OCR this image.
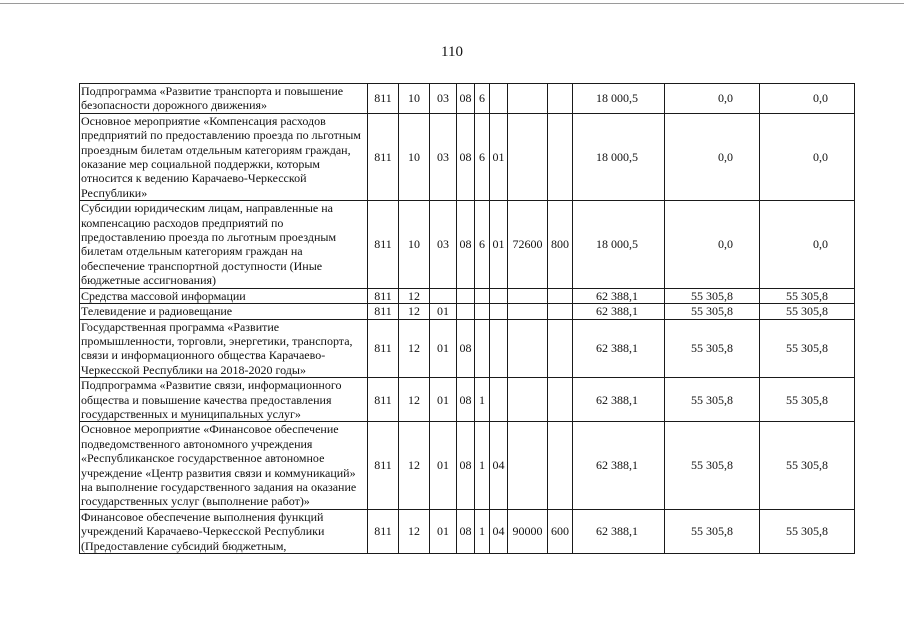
110
Подпрограмма «Развитие транспорта и повышение безопасности дорожного движения»	811	10	03	08	6				18 000,5	0,0	0,0
Основное мероприятие «Компенсация расходов предприятий по предоставлению проезда по льготным проездным билетам отдельным категориям граждан, оказание мер социальной поддержки, которым относится к ведению Карачаево-Черкесской Республики»	811	10	03	08	6	01			18 000,5	0,0	0,0
Субсидии юридическим лицам, направленные на компенсацию расходов предприятий по предоставлению проезда по льготным проездным билетам отдельным категориям граждан на обеспечение транспортной доступности (Иные бюджетные ассигнования)	811	10	03	08	6	01	72600	800	18 000,5	0,0	0,0
Средства массовой информации	811	12							62 388,1	55 305,8	55 305,8
Телевидение и радиовещание	811	12	01						62 388,1	55 305,8	55 305,8
Государственная программа «Развитие промышленности, торговли, энергетики, транспорта, связи и информационного общества Карачаево-Черкесской Республики на 2018-2020 годы»	811	12	01	08					62 388,1	55 305,8	55 305,8
Подпрограмма «Развитие связи, информационного общества и повышение качества предоставления государственных и муниципальных услуг»	811	12	01	08	1				62 388,1	55 305,8	55 305,8
Основное мероприятие «Финансовое обеспечение подведомственного автономного учреждения «Республиканское государственное автономное учреждение «Центр развития связи и коммуникаций» на выполнение государственного задания на оказание государственных услуг (выполнение работ)»	811	12	01	08	1	04			62 388,1	55 305,8	55 305,8
Финансовое обеспечение выполнения функций учреждений Карачаево-Черкесской Республики (Предоставление субсидий бюджетным,	811	12	01	08	1	04	90000	600	62 388,1	55 305,8	55 305,8
